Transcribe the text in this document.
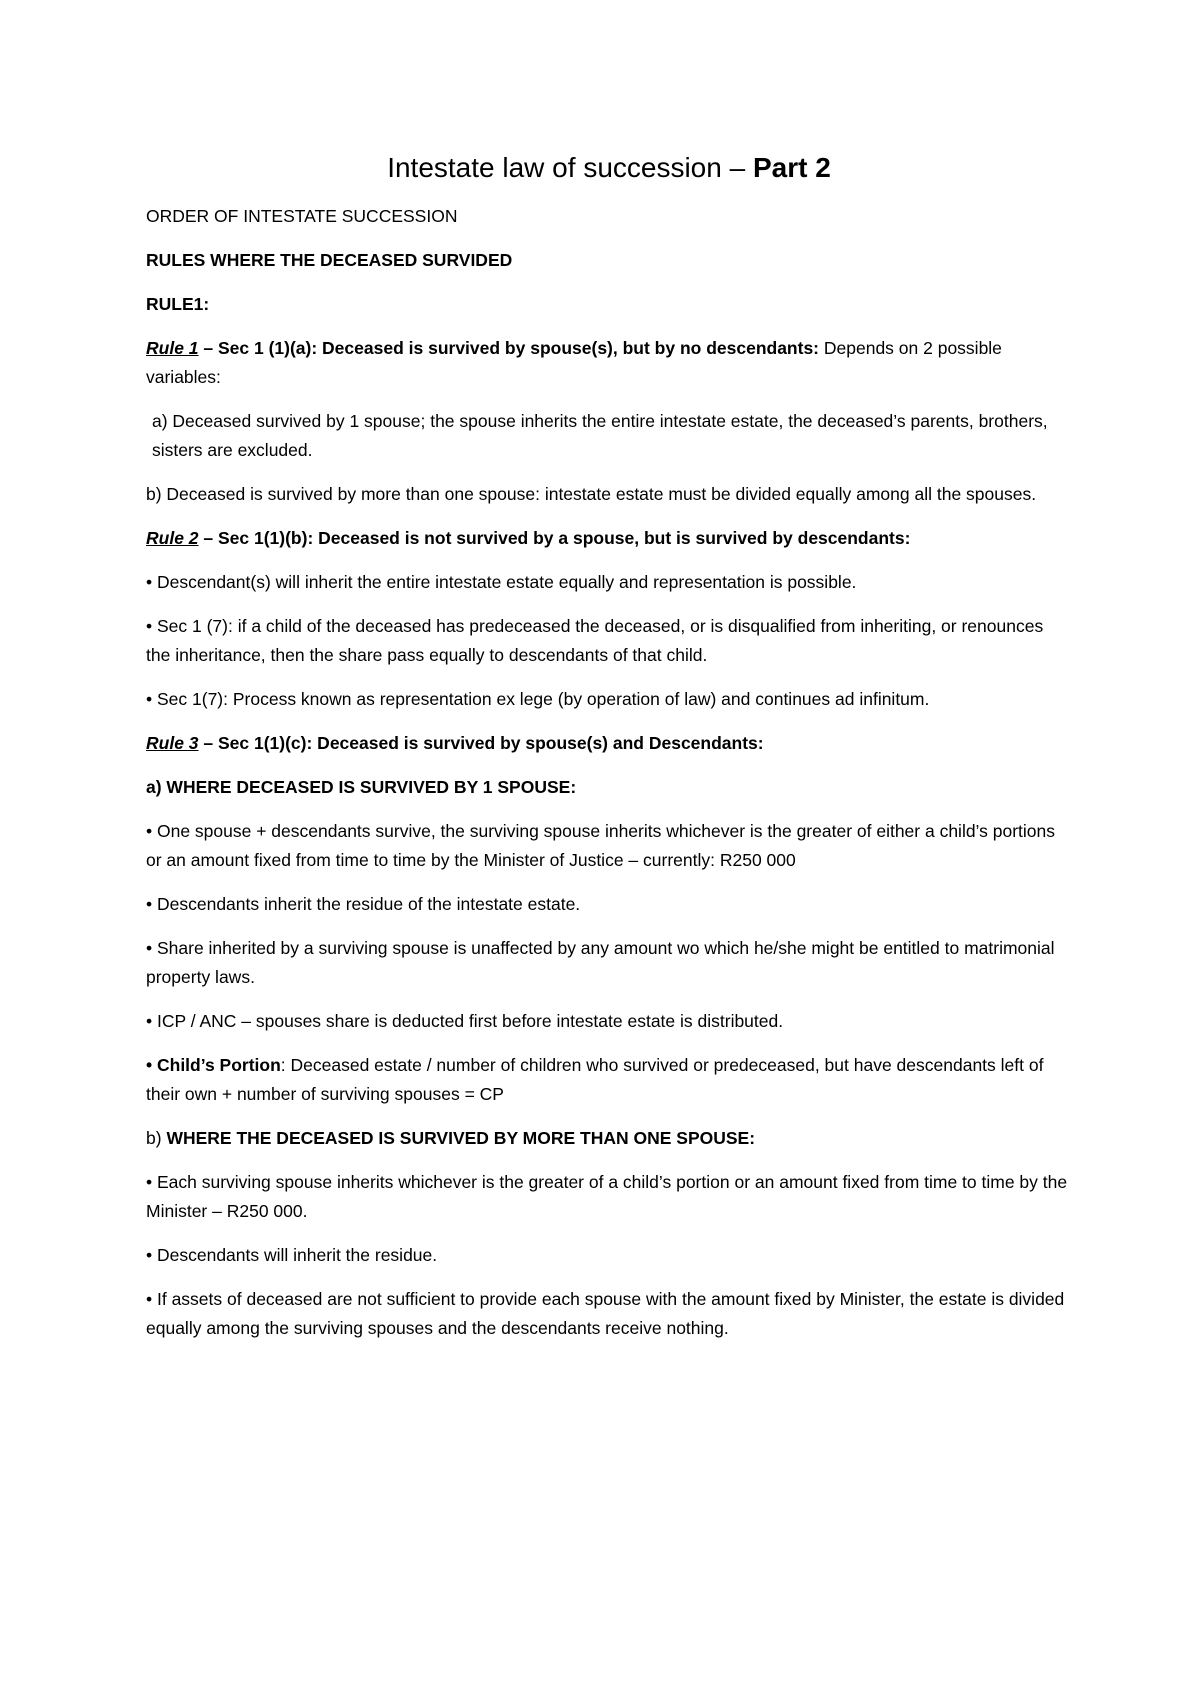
Intestate law of succession – Part 2

ORDER OF INTESTATE SUCCESSION

RULES WHERE THE DECEASED SURVIDED

RULE1:

Rule 1 – Sec 1 (1)(a): Deceased is survived by spouse(s), but by no descendants: Depends on 2 possible variables:

a) Deceased survived by 1 spouse; the spouse inherits the entire intestate estate, the deceased’s parents, brothers, sisters are excluded.

b) Deceased is survived by more than one spouse: intestate estate must be divided equally among all the spouses.

Rule 2 – Sec 1(1)(b): Deceased is not survived by a spouse, but is survived by descendants:

• Descendant(s) will inherit the entire intestate estate equally and representation is possible.

• Sec 1 (7): if a child of the deceased has predeceased the deceased, or is disqualified from inheriting, or renounces the inheritance, then the share pass equally to descendants of that child.

• Sec 1(7): Process known as representation ex lege (by operation of law) and continues ad infinitum.

Rule 3 – Sec 1(1)(c): Deceased is survived by spouse(s) and Descendants:

a) WHERE DECEASED IS SURVIVED BY 1 SPOUSE:

• One spouse + descendants survive, the surviving spouse inherits whichever is the greater of either a child’s portions or an amount fixed from time to time by the Minister of Justice – currently: R250 000

• Descendants inherit the residue of the intestate estate.

• Share inherited by a surviving spouse is unaffected by any amount wo which he/she might be entitled to matrimonial property laws.

• ICP / ANC – spouses share is deducted first before intestate estate is distributed.

• Child’s Portion: Deceased estate / number of children who survived or predeceased, but have descendants left of their own + number of surviving spouses = CP

b) WHERE THE DECEASED IS SURVIVED BY MORE THAN ONE SPOUSE:

• Each surviving spouse inherits whichever is the greater of a child’s portion or an amount fixed from time to time by the Minister – R250 000.

• Descendants will inherit the residue.

• If assets of deceased are not sufficient to provide each spouse with the amount fixed by Minister, the estate is divided equally among the surviving spouses and the descendants receive nothing.
